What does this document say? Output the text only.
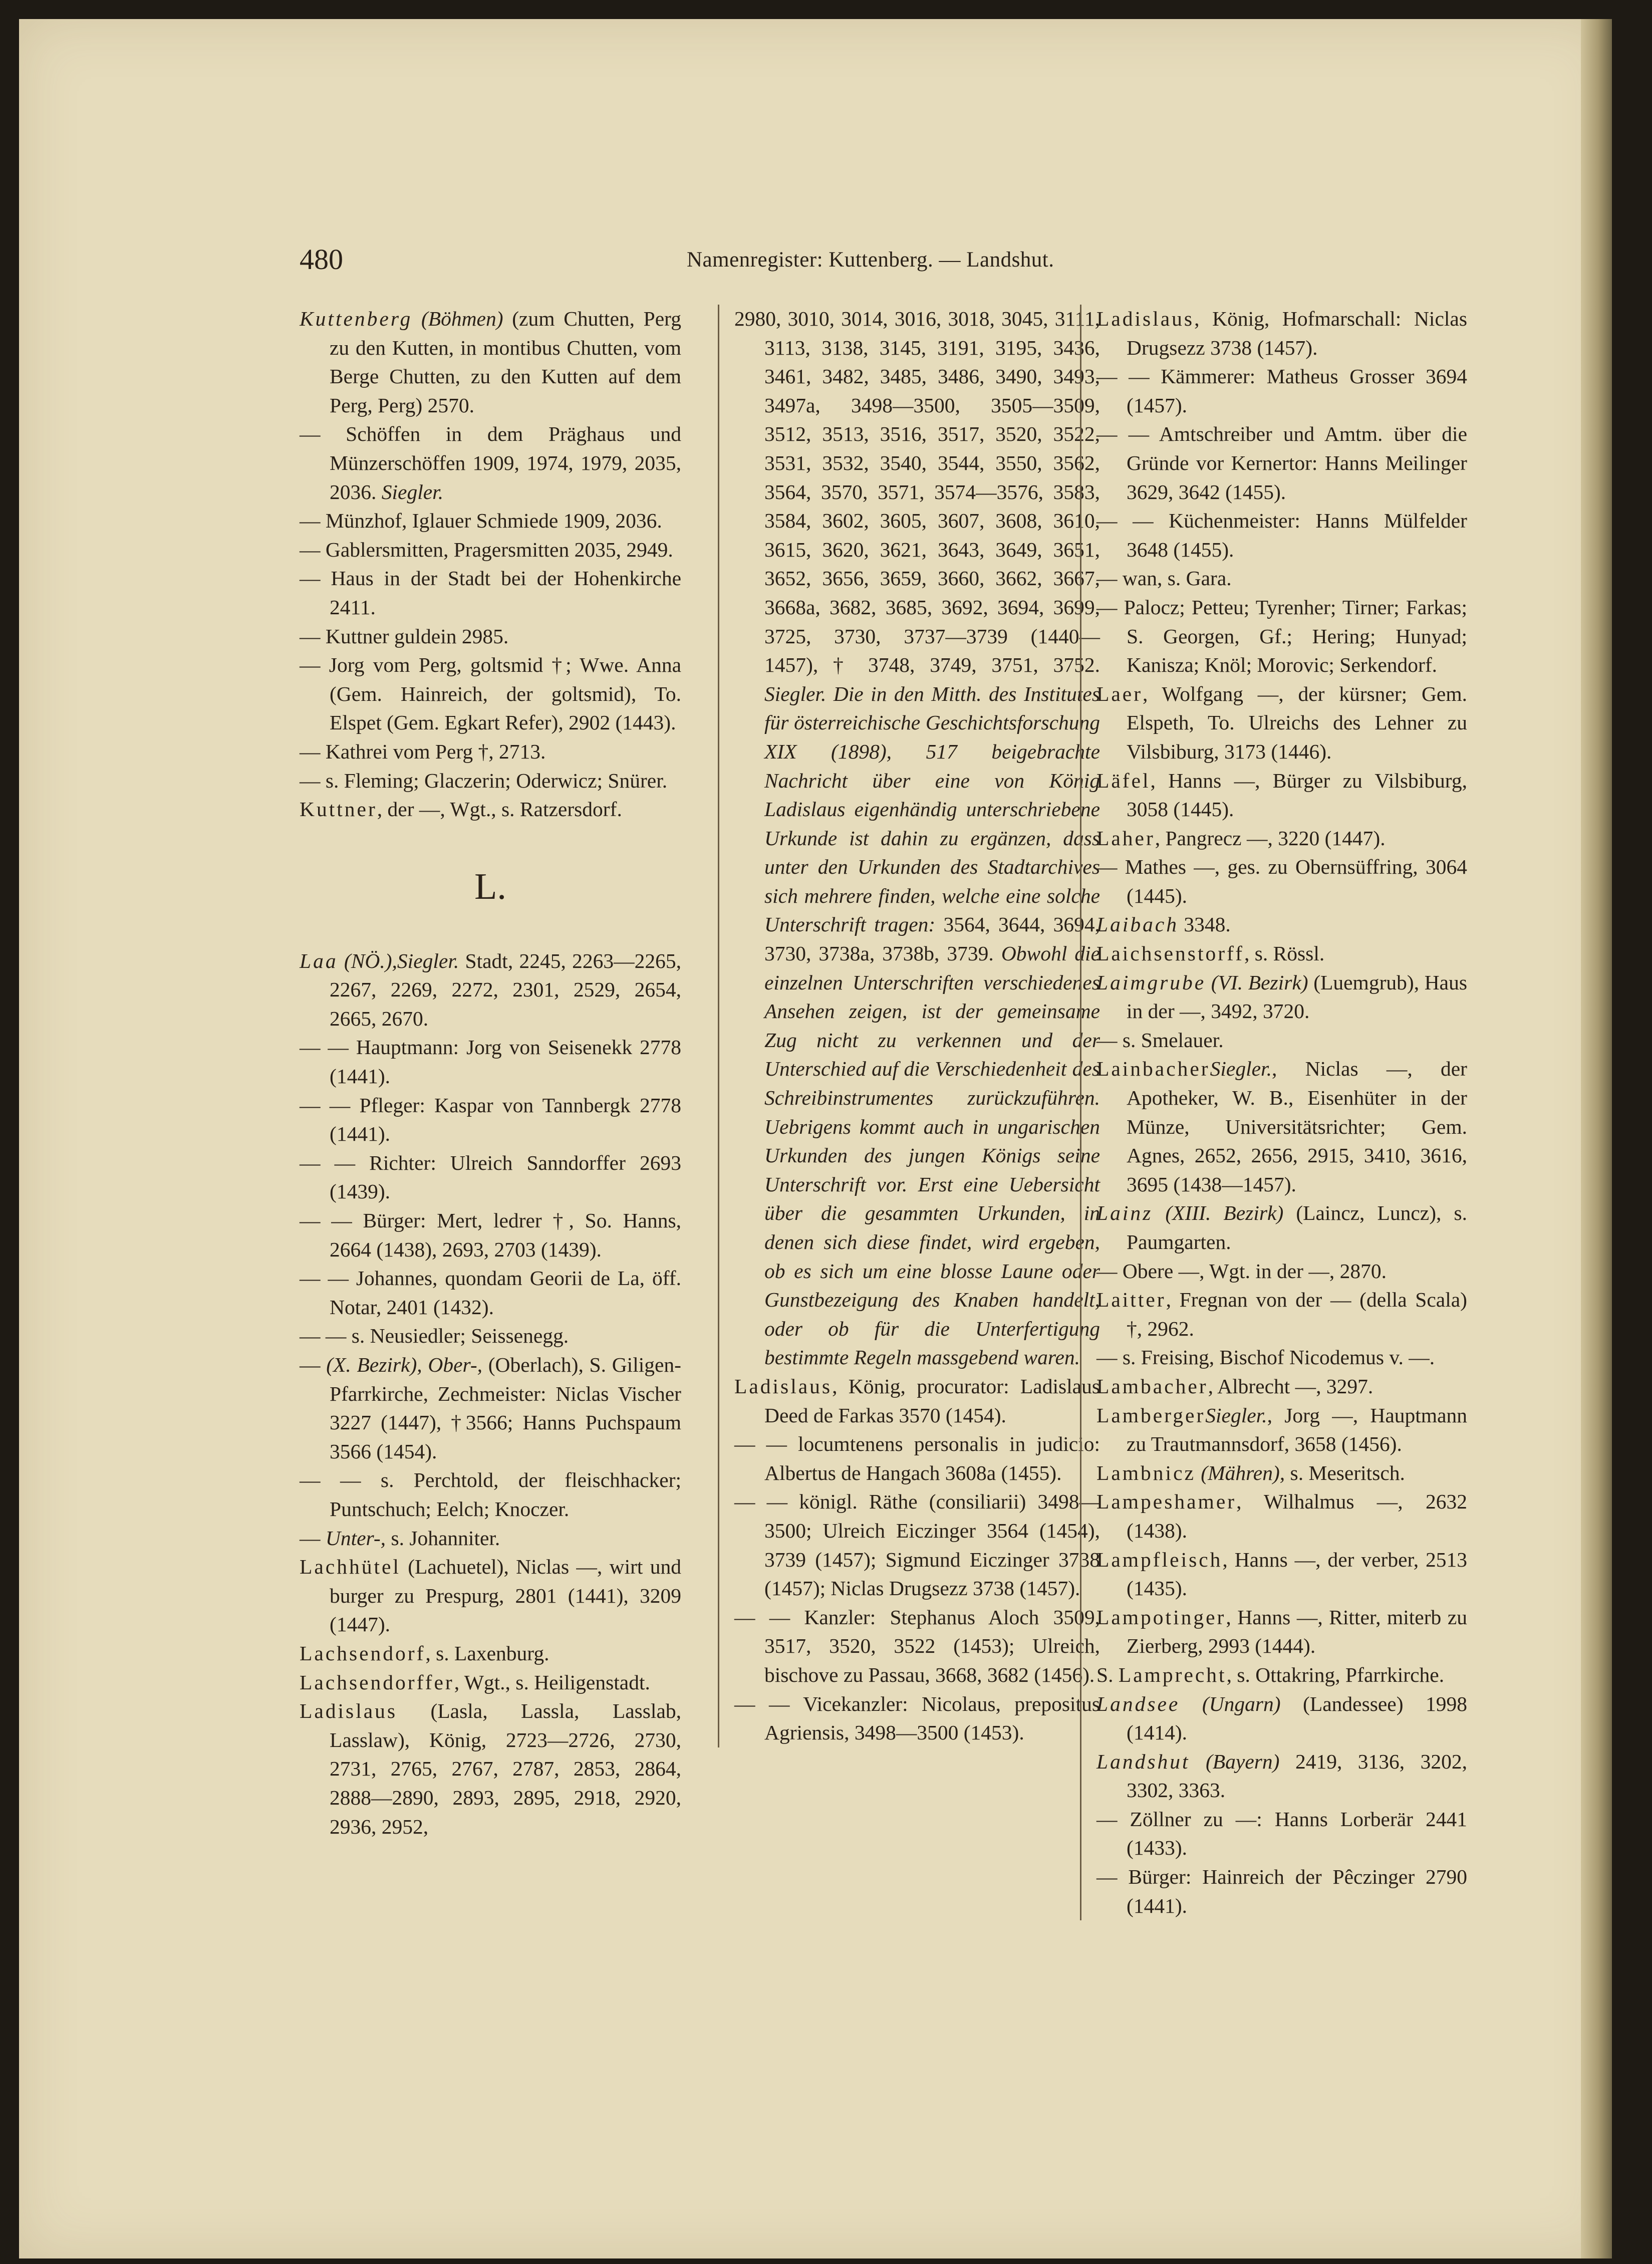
480	Namenregister: Kuttenberg. — Landshut.
Kuttenberg (Böhmen) (zum Chutten, Perg zu den Kutten, in montibus Chutten, vom Berge Chutten, zu den Kutten auf dem Perg, Perg) 2570.
— Schöffen in dem Präghaus und Münzerschöffen 1909, 1974, 1979, 2035, 2036. Siegler.
— Münzhof, Iglauer Schmiede 1909, 2036.
— Gablersmitten, Pragersmitten 2035, 2949.
— Haus in der Stadt bei der Hohenkirche 2411.
— Kuttner guldein 2985.
— Jorg vom Perg, goltsmid †; Wwe. Anna (Gem. Hainreich, der goltsmid), To. Elspet (Gem. Egkart Refer), 2902 (1443).
— Kathrei vom Perg †, 2713.
— s. Fleming; Glaczerin; Oderwicz; Snürer.
Kuttner, der —, Wgt., s. Ratzersdorf.
L.
Laa (NÖ.),Siegler. Stadt, 2245, 2263—2265, 2267, 2269, 2272, 2301, 2529, 2654, 2665, 2670.
— — Hauptmann: Jorg von Seisenekk 2778 (1441).
— — Pfleger: Kaspar von Tannbergk 2778 (1441).
— — Richter: Ulreich Sanndorffer 2693 (1439).
— — Bürger: Mert, ledrer †, So. Hanns, 2664 (1438), 2693, 2703 (1439).
— — Johannes, quondam Georii de La, öff. Notar, 2401 (1432).
— — s. Neusiedler; Seissenegg.
— (X. Bezirk), Ober-, (Oberlach), S. Giligen-Pfarrkirche, Zechmeister: Niclas Vischer 3227 (1447), †3566; Hanns Puchspaum 3566 (1454).
— — s. Perchtold, der fleischhacker; Puntschuch; Eelch; Knoczer.
— Unter-, s. Johanniter.
Lachhütel (Lachuetel), Niclas —, wirt und burger zu Prespurg, 2801 (1441), 3209 (1447).
Lachsendorf, s. Laxenburg.
Lachsendorffer, Wgt., s. Heiligenstadt.
Ladislaus (Lasla, Lassla, Lasslab, Lasslaw), König, 2723—2726, 2730, 2731, 2765, 2767, 2787, 2853, 2864, 2888—2890, 2893, 2895, 2918, 2920, 2936, 2952,
2980, 3010, 3014, 3016, 3018, 3045, 3111, 3113, 3138, 3145, 3191, 3195, 3436, 3461, 3482, 3485, 3486, 3490, 3493, 3497a, 3498—3500, 3505—3509, 3512, 3513, 3516, 3517, 3520, 3522, 3531, 3532, 3540, 3544, 3550, 3562, 3564, 3570, 3571, 3574—3576, 3583, 3584, 3602, 3605, 3607, 3608, 3610, 3615, 3620, 3621, 3643, 3649, 3651, 3652, 3656, 3659, 3660, 3662, 3667, 3668a, 3682, 3685, 3692, 3694, 3699, 3725, 3730, 3737—3739 (1440—1457), † 3748, 3749, 3751, 3752. Siegler. Die in den Mitth. des Institutes für österreichische Geschichtsforschung XIX (1898), 517 beigebrachte Nachricht über eine von König Ladislaus eigenhändig unterschriebene Urkunde ist dahin zu ergänzen, dass unter den Urkunden des Stadtarchives sich mehrere finden, welche eine solche Unterschrift tragen: 3564, 3644, 3694, 3730, 3738a, 3738b, 3739. Obwohl die einzelnen Unterschriften verschiedenes Ansehen zeigen, ist der gemeinsame Zug nicht zu verkennen und der Unterschied auf die Verschiedenheit des Schreibinstrumentes zurückzuführen. Uebrigens kommt auch in ungarischen Urkunden des jungen Königs seine Unterschrift vor. Erst eine Uebersicht über die gesammten Urkunden, in denen sich diese findet, wird ergeben, ob es sich um eine blosse Laune oder Gunstbezeigung des Knaben handelt, oder ob für die Unterfertigung bestimmte Regeln massgebend waren.
Ladislaus, König, procurator: Ladislaus Deed de Farkas 3570 (1454).
— — locumtenens personalis in judicio: Albertus de Hangach 3608a (1455).
— — königl. Räthe (consiliarii) 3498—3500; Ulreich Eiczinger 3564 (1454), 3739 (1457); Sigmund Eiczinger 3738 (1457); Niclas Drugsezz 3738 (1457).
— — Kanzler: Stephanus Aloch 3509, 3517, 3520, 3522 (1453); Ulreich, bischove zu Passau, 3668, 3682 (1456).
— — Vicekanzler: Nicolaus, prepositus Agriensis, 3498—3500 (1453).
Ladislaus, König, Hofmarschall: Niclas Drugsezz 3738 (1457).
— — Kämmerer: Matheus Grosser 3694 (1457).
— — Amtschreiber und Amtm. über die Gründe vor Kernertor: Hanns Meilinger 3629, 3642 (1455).
— — Küchenmeister: Hanns Mülfelder 3648 (1455).
— wan, s. Gara.
— Palocz; Petteu; Tyrenher; Tirner; Farkas; S. Georgen, Gf.; Hering; Hunyad; Kanisza; Knöl; Morovic; Serkendorf.
Laer, Wolfgang —, der kürsner; Gem. Elspeth, To. Ulreichs des Lehner zu Vilsbiburg, 3173 (1446).
Läfel, Hanns —, Bürger zu Vilsbiburg, 3058 (1445).
Laher, Pangrecz —, 3220 (1447).
— Mathes —, ges. zu Obernsüffring, 3064 (1445).
Laibach 3348.
Laichsenstorff, s. Rössl.
Laimgrube (VI. Bezirk) (Luemgrub), Haus in der —, 3492, 3720.
— s. Smelauer.
LainbacherSiegler., Niclas —, der Apotheker, W. B., Eisenhüter in der Münze, Universitätsrichter; Gem. Agnes, 2652, 2656, 2915, 3410, 3616, 3695 (1438—1457).
Lainz (XIII. Bezirk) (Laincz, Luncz), s. Paumgarten.
— Obere —, Wgt. in der —, 2870.
Laitter, Fregnan von der — (della Scala) †, 2962.
— s. Freising, Bischof Nicodemus v. —.
Lambacher, Albrecht —, 3297.
LambergerSiegler., Jorg —, Hauptmann zu Trautmannsdorf, 3658 (1456).
Lambnicz (Mähren), s. Meseritsch.
Lampeshamer, Wilhalmus —, 2632 (1438).
Lampfleisch, Hanns —, der verber, 2513 (1435).
Lampotinger, Hanns —, Ritter, miterb zu Zierberg, 2993 (1444).
S. Lamprecht, s. Ottakring, Pfarrkirche.
Landsee (Ungarn) (Landessee) 1998 (1414).
Landshut (Bayern) 2419, 3136, 3202, 3302, 3363.
— Zöllner zu —: Hanns Lorberär 2441 (1433).
— Bürger: Hainreich der Pêczinger 2790 (1441).
